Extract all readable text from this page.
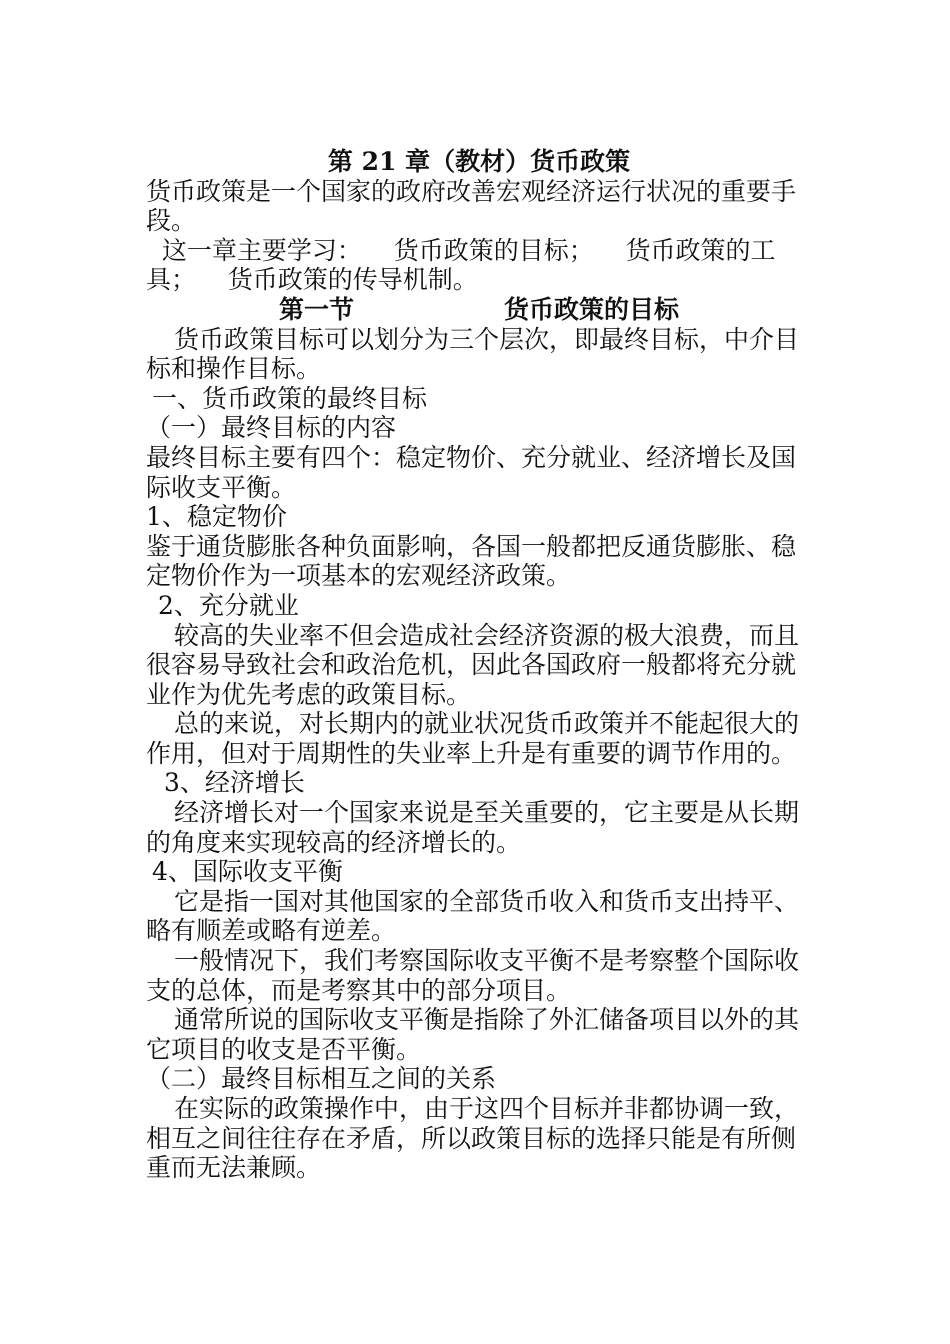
第 21 章（教材）货币政策

货币政策是一个国家的政府改善宏观经济运行状况的重要手段。

这一章主要学习：    货币政策的目标；    货币政策的工具；    货币政策的传导机制。

第一节	货币政策的目标

货币政策目标可以划分为三个层次，即最终目标，中介目标和操作目标。

一、货币政策的最终目标

（一）最终目标的内容

最终目标主要有四个：稳定物价、充分就业、经济增长及国际收支平衡。

1、稳定物价

鉴于通货膨胀各种负面影响，各国一般都把反通货膨胀、稳定物价作为一项基本的宏观经济政策。

2、充分就业

较高的失业率不但会造成社会经济资源的极大浪费，而且很容易导致社会和政治危机，因此各国政府一般都将充分就业作为优先考虑的政策目标。

总的来说，对长期内的就业状况货币政策并不能起很大的作用，但对于周期性的失业率上升是有重要的调节作用的。

3、经济增长

经济增长对一个国家来说是至关重要的，它主要是从长期的角度来实现较高的经济增长的。

4、国际收支平衡

它是指一国对其他国家的全部货币收入和货币支出持平、略有顺差或略有逆差。

一般情况下，我们考察国际收支平衡不是考察整个国际收支的总体，而是考察其中的部分项目。

通常所说的国际收支平衡是指除了外汇储备项目以外的其它项目的收支是否平衡。

（二）最终目标相互之间的关系

在实际的政策操作中，由于这四个目标并非都协调一致，相互之间往往存在矛盾，所以政策目标的选择只能是有所侧重而无法兼顾。
